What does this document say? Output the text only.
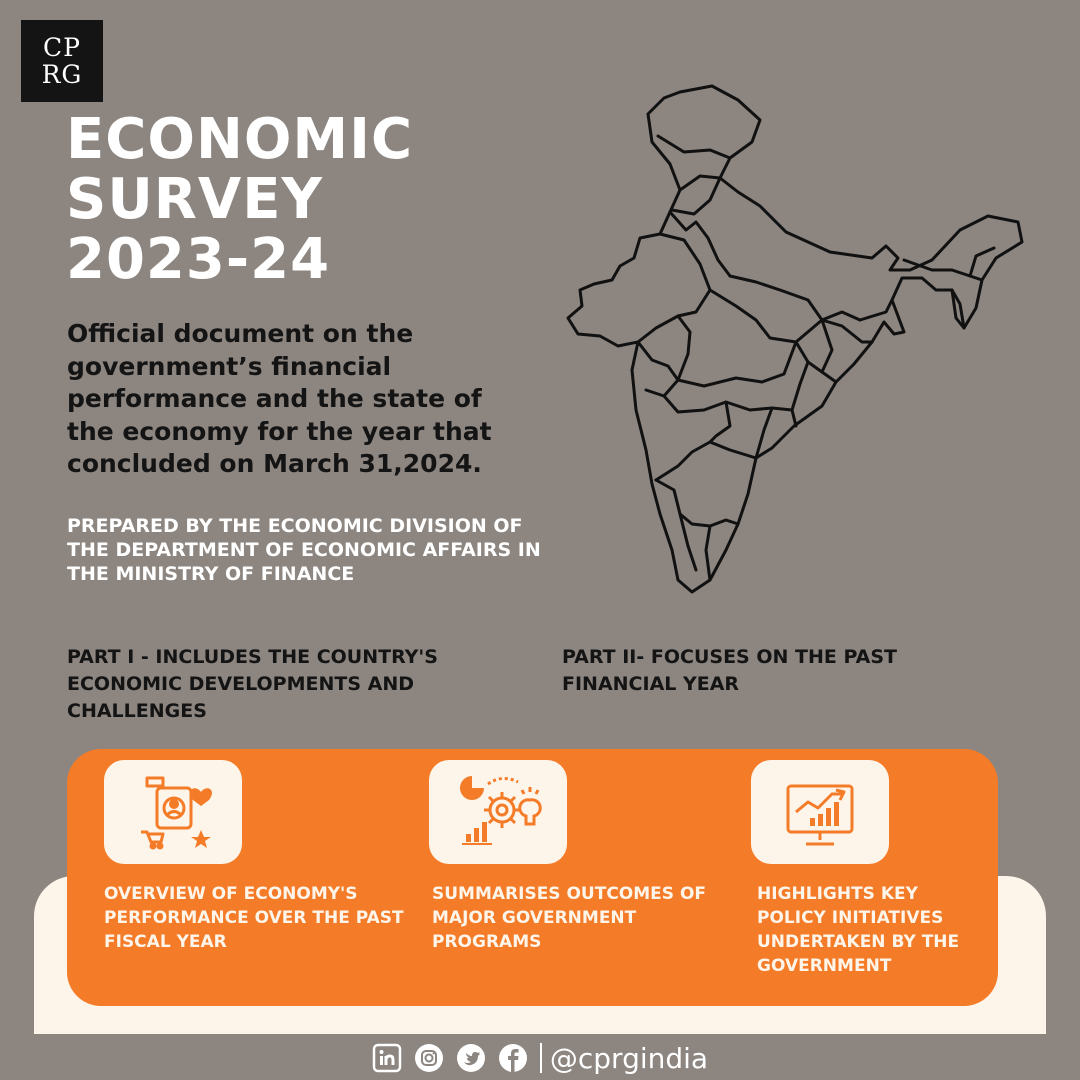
CP
RG
ECONOMIC
SURVEY
2023-24

Official document on the government’s financial performance and the state of the economy for the year that concluded on March 31,2024.

PREPARED BY THE ECONOMIC DIVISION OF THE DEPARTMENT OF ECONOMIC AFFAIRS IN THE MINISTRY OF FINANCE

PART I - INCLUDES THE COUNTRY'S ECONOMIC DEVELOPMENTS AND CHALLENGES

PART II- FOCUSES ON THE PAST FINANCIAL YEAR

OVERVIEW OF ECONOMY'S PERFORMANCE OVER THE PAST FISCAL YEAR

SUMMARISES OUTCOMES OF MAJOR GOVERNMENT PROGRAMS

HIGHLIGHTS KEY POLICY INITIATIVES UNDERTAKEN BY THE GOVERNMENT

@cprgindia
